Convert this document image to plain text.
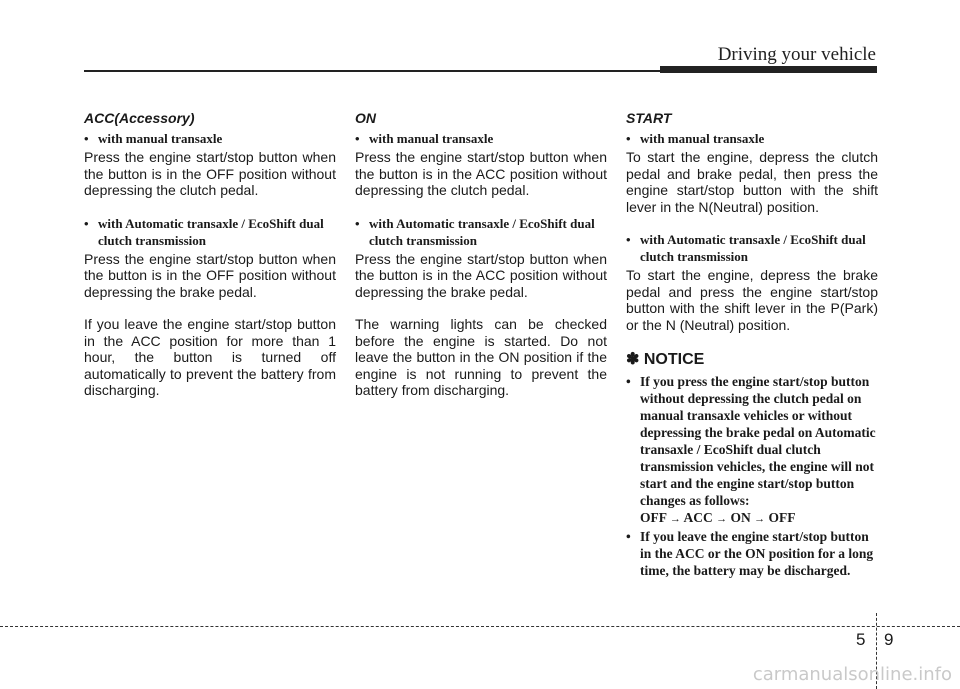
Driving your vehicle
ACC(Accessory)
• with manual transaxle

Press the engine start/stop button when the button is in the OFF position without depressing the clutch pedal.

• with Automatic transaxle / EcoShift dual clutch transmission

Press the engine start/stop button when the button is in the OFF position without depressing the brake pedal.

If you leave the engine start/stop button in the ACC position for more than 1 hour, the button is turned off automatically to prevent the battery from discharging.

ON
• with manual transaxle

Press the engine start/stop button when the button is in the ACC position without depressing the clutch pedal.

• with Automatic transaxle / EcoShift dual clutch transmission

Press the engine start/stop button when the button is in the ACC position without depressing the brake pedal.

The warning lights can be checked before the engine is started. Do not leave the button in the ON position if the engine is not running to prevent the battery from discharging.

START
• with manual transaxle

To start the engine, depress the clutch pedal and brake pedal, then press the engine start/stop button with the shift lever in the N(Neutral) position.

• with Automatic transaxle / EcoShift dual clutch transmission

To start the engine, depress the brake pedal and press the engine start/stop button with the shift lever in the P(Park) or the N (Neutral) position.

✽ NOTICE
• If you press the engine start/stop button without depressing the clutch pedal on manual transaxle vehicles or without depressing the brake pedal on Automatic transaxle / EcoShift dual clutch transmission vehicles, the engine will not start and the engine start/stop button changes as follows:
OFF → ACC → ON → OFF
• If you leave the engine start/stop button in the ACC or the ON position for a long time, the battery may be discharged.
5 9
carmanualsonline.info
